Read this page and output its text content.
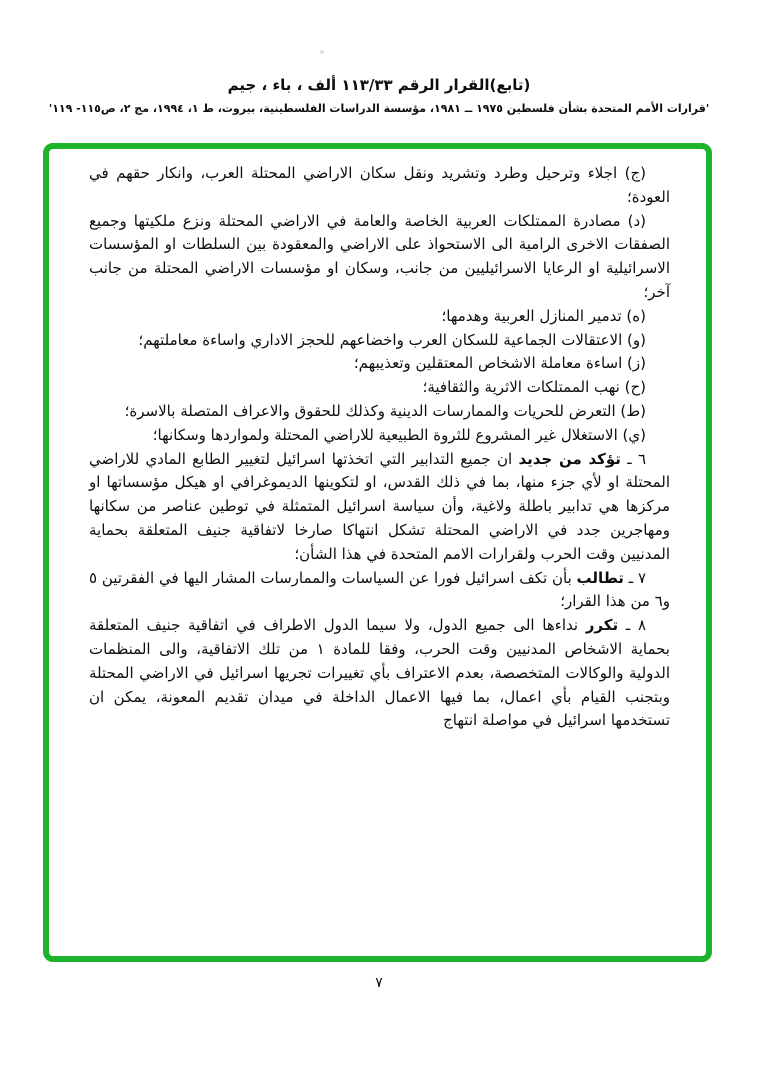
(تابع)القرار الرقم ١١٣/٣٣ ألف ، باء ، جيم
'قرارات الأمم المتحدة بشأن فلسطين ١٩٧٥ ــ ١٩٨١، مؤسسة الدراسات الفلسطينية، بيروت، ط ١، ١٩٩٤، مج ٢، ص١١٥- ١١٩'

(ج) اجلاء وترحيل وطرد وتشريد ونقل سكان الاراضي المحتلة العرب، وانكار حقهم في العودة؛

(د) مصادرة الممتلكات العربية الخاصة والعامة في الاراضي المحتلة ونزع ملكيتها وجميع الصفقات الاخرى الرامية الى الاستحواذ على الاراضي والمعقودة بين السلطات او المؤسسات الاسرائيلية او الرعايا الاسرائيليين من جانب، وسكان او مؤسسات الاراضي المحتلة من جانب آخر؛

(ه) تدمير المنازل العربية وهدمها؛

(و) الاعتقالات الجماعية للسكان العرب واخضاعهم للحجز الاداري واساءة معاملتهم؛

(ز) اساءة معاملة الاشخاص المعتقلين وتعذيبهم؛

(ح) نهب الممتلكات الاثرية والثقافية؛

(ط) التعرض للحريات والممارسات الدينية وكذلك للحقوق والاعراف المتصلة بالاسرة؛

(ي) الاستغلال غير المشروع للثروة الطبيعية للاراضي المحتلة ولمواردها وسكانها؛

٦ ـ تؤكد من جديد ان جميع التدابير التي اتخذتها اسرائيل لتغيير الطابع المادي للاراضي المحتلة او لأي جزء منها، بما في ذلك القدس، او لتكوينها الديموغرافي او هيكل مؤسساتها او مركزها هي تدابير باطلة ولاغية، وأن سياسة اسرائيل المتمثلة في توطين عناصر من سكانها ومهاجرين جدد في الاراضي المحتلة تشكل انتهاكا صارخا لاتفاقية جنيف المتعلقة بحماية المدنيين وقت الحرب ولقرارات الامم المتحدة في هذا الشأن؛

٧ ـ تطالب بأن تكف اسرائيل فورا عن السياسات والممارسات المشار اليها في الفقرتين ٥ و٦ من هذا القرار؛

٨ ـ تكرر نداءها الى جميع الدول، ولا سيما الدول الاطراف في اتفاقية جنيف المتعلقة بحماية الاشخاص المدنيين وقت الحرب، وفقا للمادة ١ من تلك الاتفاقية، والى المنظمات الدولية والوكالات المتخصصة، بعدم الاعتراف بأي تغييرات تجريها اسرائيل في الاراضي المحتلة وبتجنب القيام بأي اعمال، بما فيها الاعمال الداخلة في ميدان تقديم المعونة، يمكن ان تستخدمها اسرائيل في مواصلة انتهاج

٧
